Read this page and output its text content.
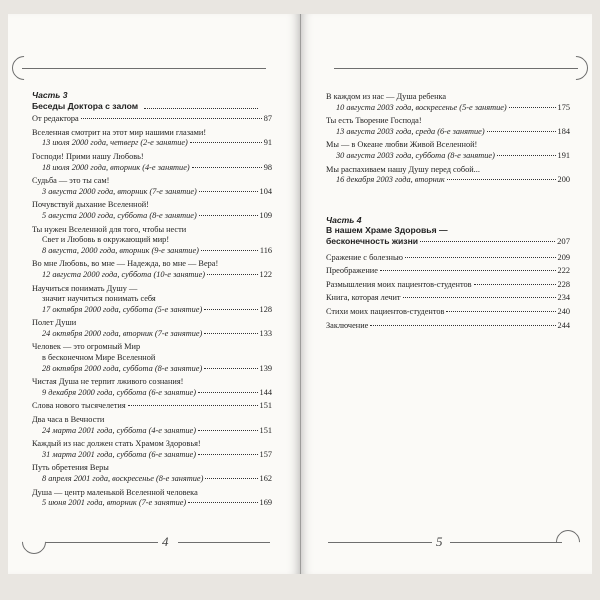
Часть 3
Беседы Доктора с залом
От редактора	87
Вселенная смотрит на этот мир нашими глазами!
13 июля 2000 года, четверг (2-е занятие)	91
Господи! Прими нашу Любовь!
18 июля 2000 года, вторник (4-е занятие)	98
Судьба — это ты сам!
3 августа 2000 года, вторник (7-е занятие)	104
Почувствуй дыхание Вселенной!
5 августа 2000 года, суббота (8-е занятие)	109
Ты нужен Вселенной для того, чтобы нести
Свет и Любовь в окружающий мир!
8 августа, 2000 года, вторник (9-е занятие)	116
Во мне Любовь, во мне — Надежда, во мне — Вера!
12 августа 2000 года, суббота (10-е занятие)	122
Научиться понимать Душу —
значит научиться понимать себя
17 октября 2000 года, суббота (5-е занятие)	128
Полет Души
24 октября 2000 года, вторник (7-е занятие)	133
Человек — это огромный Мир
в бесконечном Мире Вселенной
28 октября 2000 года, суббота (8-е занятие)	139
Чистая Душа не терпит лживого сознания!
9 декабря 2000 года, суббота (6-е занятие)	144
Слова нового тысячелетия	151
Два часа в Вечности
24 марта 2001 года, суббота (4-е занятие)	151
Каждый из нас должен стать Храмом Здоровья!
31 марта 2001 года, суббота (6-е занятие)	157
Путь обретения Веры
8 апреля 2001 года, воскресенье (8-е занятие)	162
Душа — центр маленькой Вселенной человека
5 июня 2001 года, вторник (7-е занятие)	169
4
В каждом из нас — Душа ребенка
10 августа 2003 года, воскресенье (5-е занятие)	175
Ты есть Творение Господа!
13 августа 2003 года, среда (6-е занятие)	184
Мы — в Океане любви Живой Вселенной!
30 августа 2003 года, суббота (8-е занятие)	191
Мы распахиваем нашу Душу перед собой...
16 декабря 2003 года, вторник	200
Часть 4
В нашем Храме Здоровья —
бесконечность жизни	207
Сражение с болезнью	209
Преображение	222
Размышления моих пациентов-студентов	228
Книга, которая лечит	234
Стихи моих пациентов-студентов	240
Заключение	244
5
